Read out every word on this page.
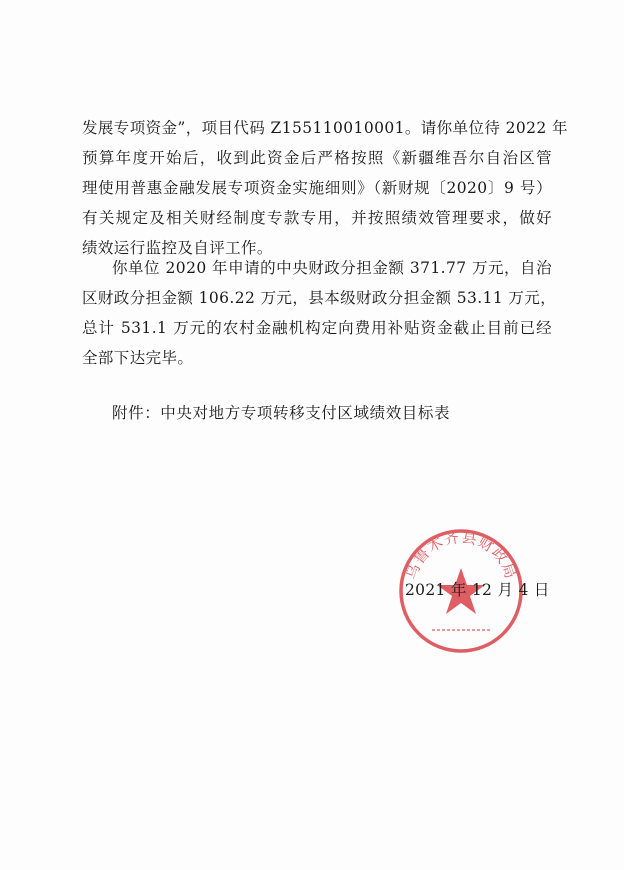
发展专项资金”，项目代码 Z155110010001。请你单位待 2022 年
预算年度开始后，收到此资金后严格按照《新疆维吾尔自治区管
理使用普惠金融发展专项资金实施细则》（新财规〔2020〕9 号）
有关规定及相关财经制度专款专用，并按照绩效管理要求，做好
绩效运行监控及自评工作。
你单位 2020 年申请的中央财政分担金额 371.77 万元，自治
区财政分担金额 106.22 万元，县本级财政分担金额 53.11 万元，
总计 531.1 万元的农村金融机构定向费用补贴资金截止目前已经
全部下达完毕。
附件：中央对地方专项转移支付区域绩效目标表
乌鲁木齐县财政局
2021 年 12 月 4 日
